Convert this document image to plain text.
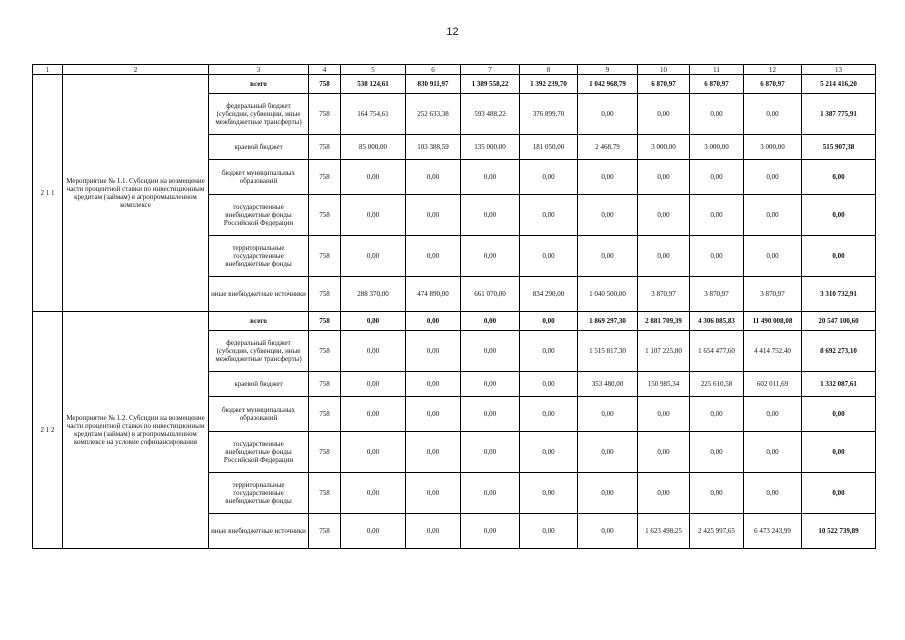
12
1	2	3	4	5	6	7	8	9	10	11	12	13
2 1 1	Мероприятие № 1.1. Субсидии на возмещение части процентной ставки по инвестиционным кредитам (займам) в агропромышленном комплексе	всего	758	538 124,61	830 911,97	1 389 558,22	1 392 239,70	1 042 968,79	6 870,97	6 870,97	6 870,97	5 214 416,20
		федеральный бюджет (субсидии, субвенции, иные межбюджетные трансферты)	758	164 754,61	252 633,38	593 488,22	376 899,70	0,00	0,00	0,00	0,00	1 387 775,91
		краевой бюджет	758	85 000,00	103 388,59	135 000,00	181 050,00	2 468,79	3 000,00	3 000,00	3 000,00	515 907,38
		бюджет муниципальных образований	758	0,00	0,00	0,00	0,00	0,00	0,00	0,00	0,00	0,00
		государственные внебюджетные фонды Российской Федерации	758	0,00	0,00	0,00	0,00	0,00	0,00	0,00	0,00	0,00
		территориальные государственные внебюджетные фонды	758	0,00	0,00	0,00	0,00	0,00	0,00	0,00	0,00	0,00
		иные внебюджетные источники	758	288 370,00	474 890,00	661 070,00	834 290,00	1 040 500,00	3 870,97	3 870,97	3 870,97	3 310 732,91
2 1 2	Мероприятие № 1.2. Субсидии на возмещение части процентной ставки по инвестиционным кредитам (займам) в агропромышленном комплексе на условие софинансирования	всего	758	0,00	0,00	0,00	0,00	1 869 297,30	2 881 709,39	4 306 085,83	11 490 008,08	20 547 100,60
		федеральный бюджет (субсидии, субвенции, иные межбюджетные трансферты)	758	0,00	0,00	0,00	0,00	1 515 817,30	1 107 225,80	1 654 477,60	4 414 752,40	8 692 273,10
		краевой бюджет	758	0,00	0,00	0,00	0,00	353 480,00	150 985,34	225 610,58	602 011,69	1 332 087,61
		бюджет муниципальных образований	758	0,00	0,00	0,00	0,00	0,00	0,00	0,00	0,00	0,00
		государственные внебюджетные фонды Российской Федерации	758	0,00	0,00	0,00	0,00	0,00	0,00	0,00	0,00	0,00
		территориальные государственные внебюджетные фонды	758	0,00	0,00	0,00	0,00	0,00	0,00	0,00	0,00	0,00
		иные внебюджетные источники	758	0,00	0,00	0,00	0,00	0,00	1 623 498,25	2 425 997,65	6 473 243,99	10 522 739,89
